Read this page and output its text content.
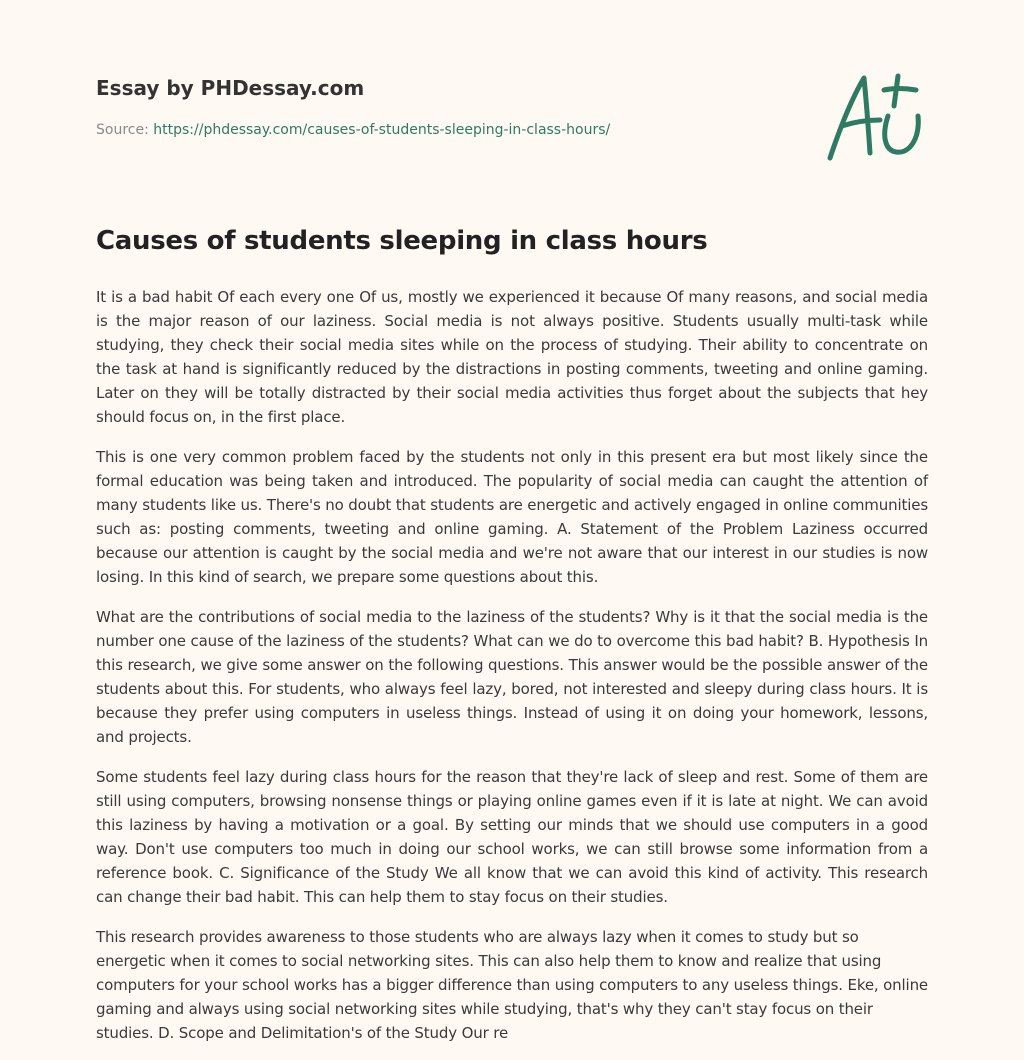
Essay by PHDessay.com
Source: https://phdessay.com/causes-of-students-sleeping-in-class-hours/
Causes of students sleeping in class hours

It is a bad habit Of each every one Of us, mostly we experienced it because Of many reasons, and social media is the major reason of our laziness. Social media is not always positive. Students usually multi-task while studying, they check their social media sites while on the process of studying. Their ability to concentrate on the task at hand is significantly reduced by the distractions in posting comments, tweeting and online gaming. Later on they will be totally distracted by their social media activities thus forget about the subjects that hey should focus on, in the first place.

This is one very common problem faced by the students not only in this present era but most likely since the formal education was being taken and introduced. The popularity of social media can caught the attention of many students like us. There's no doubt that students are energetic and actively engaged in online communities such as: posting comments, tweeting and online gaming. A. Statement of the Problem Laziness occurred because our attention is caught by the social media and we're not aware that our interest in our studies is now losing. In this kind of search, we prepare some questions about this.

What are the contributions of social media to the laziness of the students? Why is it that the social media is the number one cause of the laziness of the students? What can we do to overcome this bad habit? B. Hypothesis In this research, we give some answer on the following questions. This answer would be the possible answer of the students about this. For students, who always feel lazy, bored, not interested and sleepy during class hours. It is because they prefer using computers in useless things. Instead of using it on doing your homework, lessons, and projects.

Some students feel lazy during class hours for the reason that they're lack of sleep and rest. Some of them are still using computers, browsing nonsense things or playing online games even if it is late at night. We can avoid this laziness by having a motivation or a goal. By setting our minds that we should use computers in a good way. Don't use computers too much in doing our school works, we can still browse some information from a reference book. C. Significance of the Study We all know that we can avoid this kind of activity. This research can change their bad habit. This can help them to stay focus on their studies.

This research provides awareness to those students who are always lazy when it comes to study but so energetic when it comes to social networking sites. This can also help them to know and realize that using computers for your school works has a bigger difference than using computers to any useless things. Eke, online gaming and always using social networking sites while studying, that's why they can't stay focus on their studies. D. Scope and Delimitation's of the Study Our re
